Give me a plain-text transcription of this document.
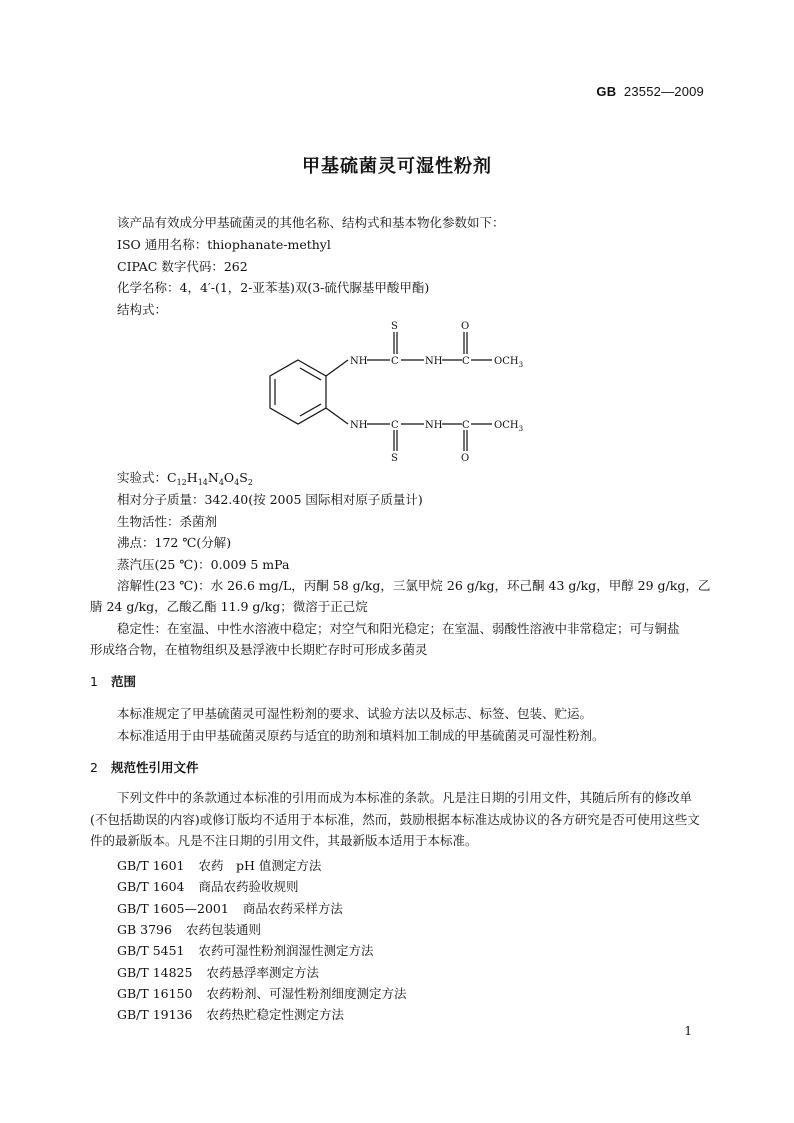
GB 23552—2009
甲基硫菌灵可湿性粉剂
该产品有效成分甲基硫菌灵的其他名称、结构式和基本物化参数如下：
ISO 通用名称：thiophanate-methyl
CIPAC 数字代码：262
化学名称：4，4′-(1，2-亚苯基)双(3-硫代脲基甲酸甲酯)
结构式：
S	O
NH C	NH C $OCH_3$
NH C	NH C $OCH_3$
S	O
实验式：$C_{12}H_{14}N_4O_4S_2$
相对分子质量：342.40(按 2005 国际相对原子质量计)
生物活性：杀菌剂
沸点：172 ℃(分解)
蒸汽压(25 ℃)：0.009 5 mPa
溶解性(23 ℃)：水 26.6 mg/L，丙酮 58 g/kg，三氯甲烷 26 g/kg，环己酮 43 g/kg，甲醇 29 g/kg，乙
腈 24 g/kg，乙酸乙酯 11.9 g/kg；微溶于正己烷
稳定性：在室温、中性水溶液中稳定；对空气和阳光稳定；在室温、弱酸性溶液中非常稳定；可与铜盐
形成络合物，在植物组织及悬浮液中长期贮存时可形成多菌灵
1 范围
本标准规定了甲基硫菌灵可湿性粉剂的要求、试验方法以及标志、标签、包装、贮运。
本标准适用于由甲基硫菌灵原药与适宜的助剂和填料加工制成的甲基硫菌灵可湿性粉剂。
2 规范性引用文件
下列文件中的条款通过本标准的引用而成为本标准的条款。凡是注日期的引用文件，其随后所有的修改单(不包括勘误的内容)或修订版均不适用于本标准，然而，鼓励根据本标准达成协议的各方研究是否可使用这些文件的最新版本。凡是不注日期的引用文件，其最新版本适用于本标准。
GB/T 1601 农药　pH 值测定方法
GB/T 1604 商品农药验收规则
GB/T 1605—2001 商品农药采样方法
GB 3796 农药包装通则
GB/T 5451 农药可湿性粉剂润湿性测定方法
GB/T 14825 农药悬浮率测定方法
GB/T 16150 农药粉剂、可湿性粉剂细度测定方法
GB/T 19136 农药热贮稳定性测定方法
1
